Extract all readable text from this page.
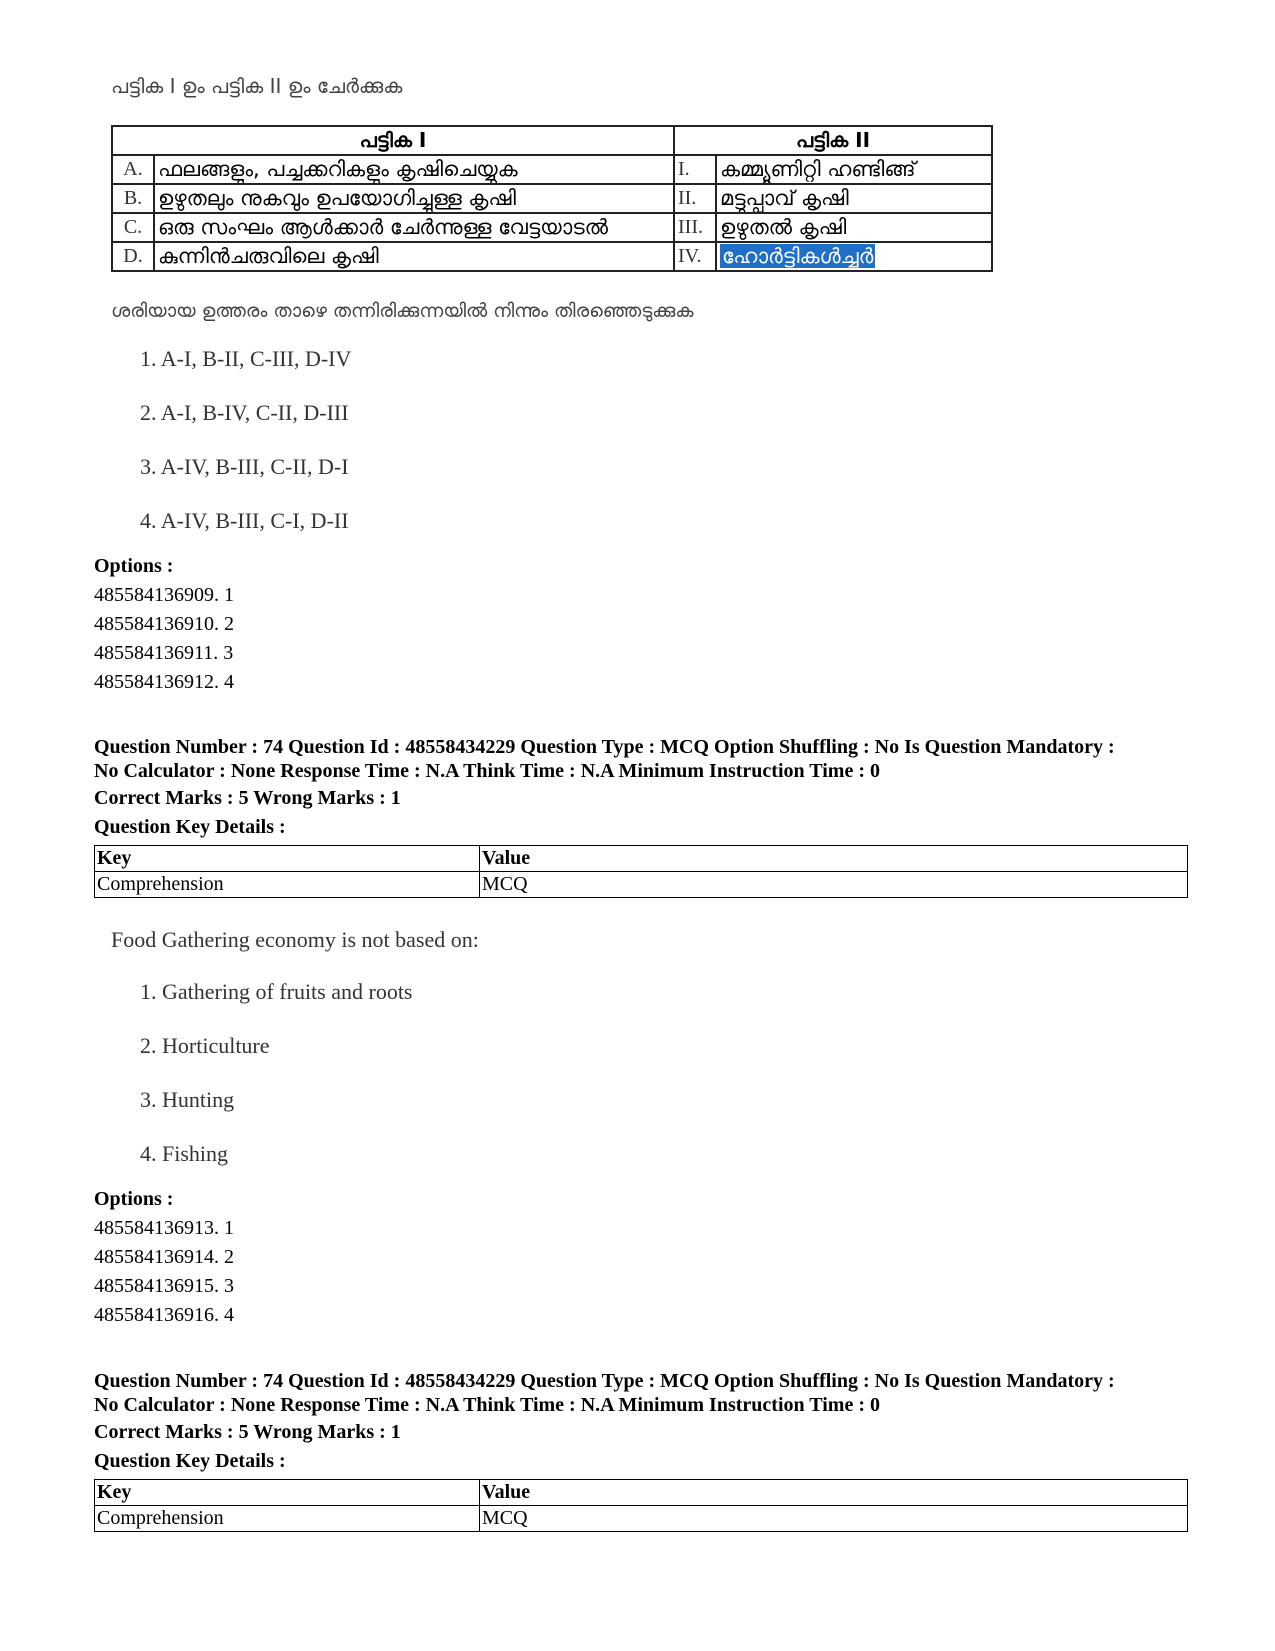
പട്ടിക I ഉം പട്ടിക II ഉം ചേർക്കുക
പട്ടിക I		പട്ടിക II	
A.	ഫലങ്ങളും, പച്ചക്കറികളും കൃഷിചെയ്യുക	I.	കമ്മ്യൂണിറ്റി ഹണ്ടിങ്ങ്
B.	ഉഴുതലും നുകവും ഉപയോഗിച്ചുള്ള കൃഷി	II.	മട്ടുപ്പാവ് കൃഷി
C.	ഒരു സംഘം ആൾക്കാർ ചേർന്നുള്ള വേട്ടയാടൽ	III.	ഉഴുതൽ കൃഷി
D.	കുന്നിൻചരുവിലെ കൃഷി	IV.	ഹോർട്ടികൾച്ചർ
ശരിയായ ഉത്തരം താഴെ തന്നിരിക്കുന്നയിൽ നിന്നും തിരഞ്ഞെടുക്കുക
1. A-I, B-II, C-III, D-IV
2. A-I, B-IV, C-II, D-III
3. A-IV, B-III, C-II, D-I
4. A-IV, B-III, C-I, D-II
Options :
485584136909. 1
485584136910. 2
485584136911. 3
485584136912. 4
Question Number : 74 Question Id : 48558434229 Question Type : MCQ Option Shuffling : No Is Question Mandatory :
No Calculator : None Response Time : N.A Think Time : N.A Minimum Instruction Time : 0
Correct Marks : 5 Wrong Marks : 1
Question Key Details :
Key	Value
Comprehension	MCQ
Food Gathering economy is not based on:
1. Gathering of fruits and roots
2. Horticulture
3. Hunting
4. Fishing
Options :
485584136913. 1
485584136914. 2
485584136915. 3
485584136916. 4
Question Number : 74 Question Id : 48558434229 Question Type : MCQ Option Shuffling : No Is Question Mandatory :
No Calculator : None Response Time : N.A Think Time : N.A Minimum Instruction Time : 0
Correct Marks : 5 Wrong Marks : 1
Question Key Details :
Key	Value
Comprehension	MCQ
